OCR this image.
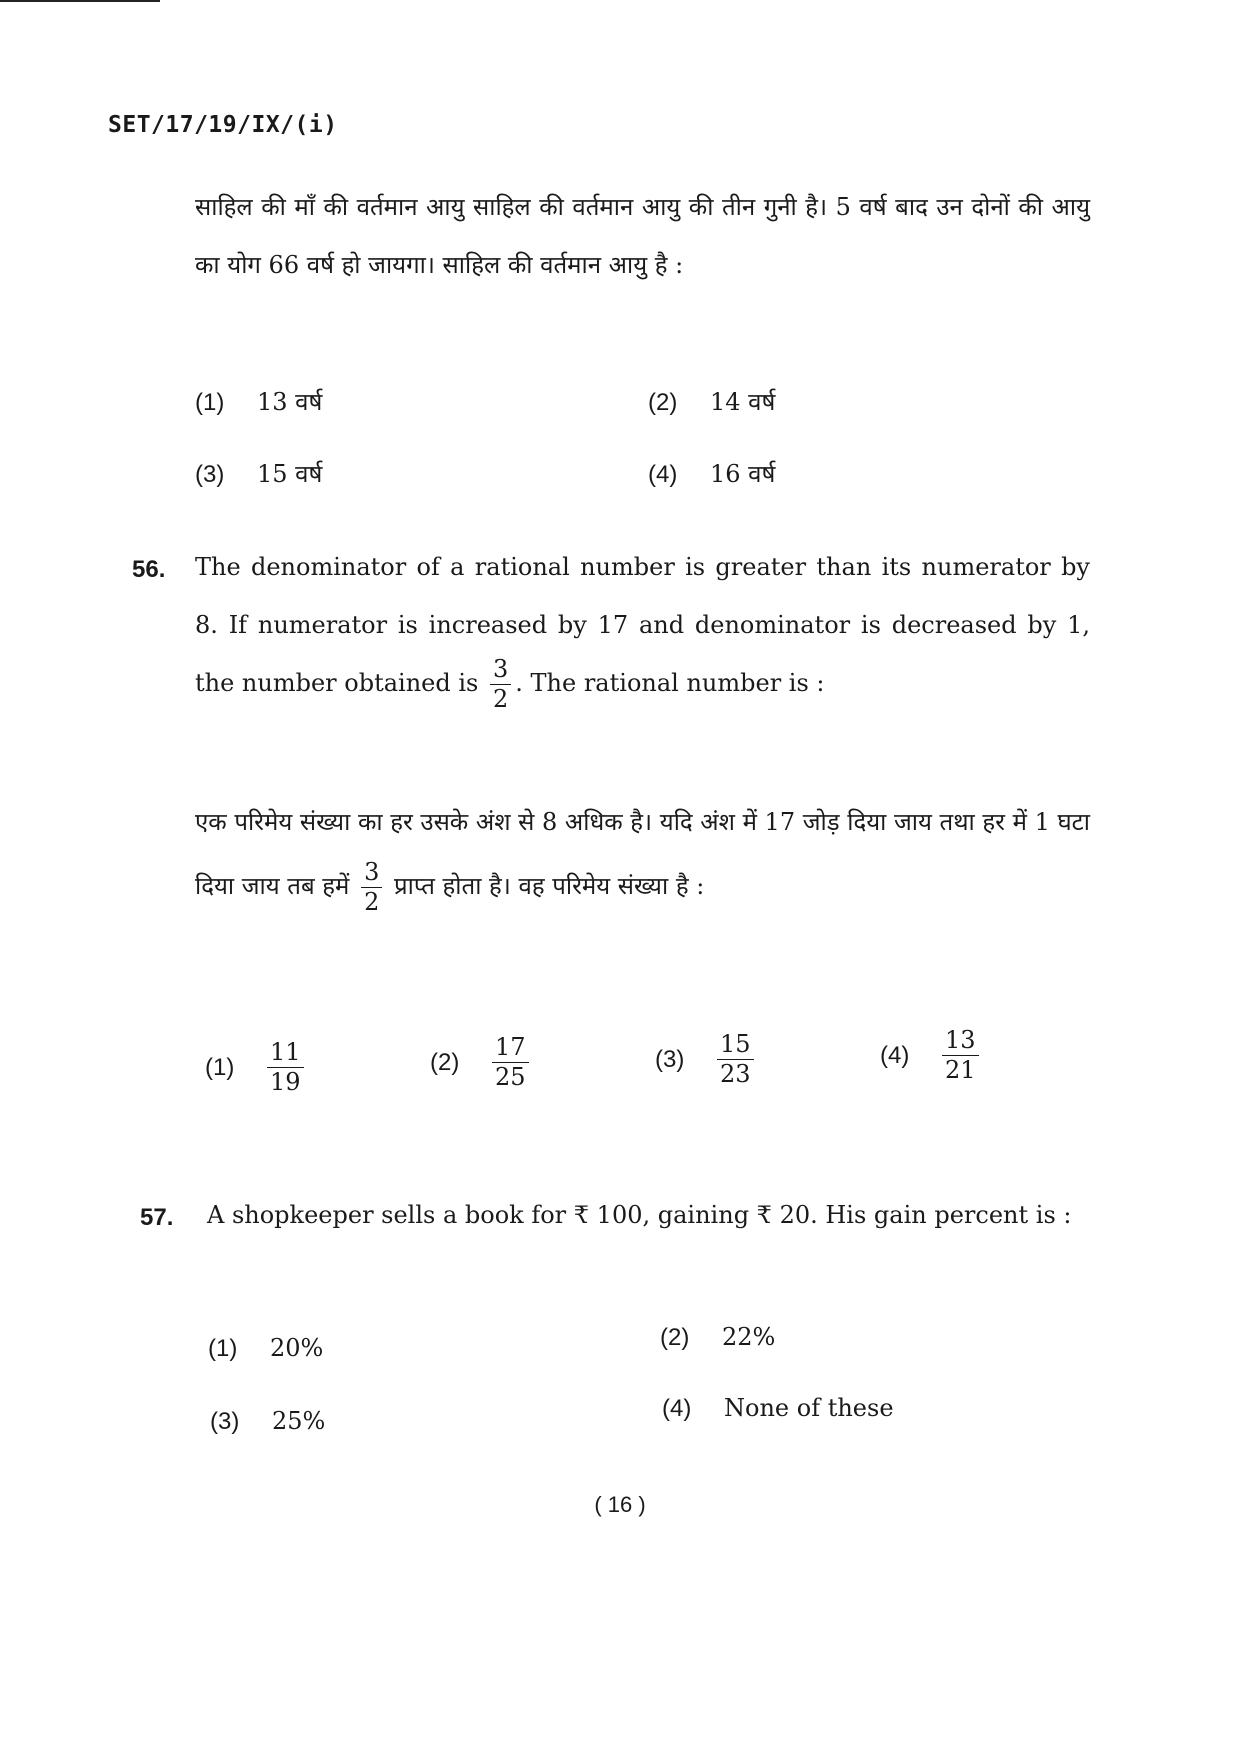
SET/17/19/IX/(i)
साहिल की माँ की वर्तमान आयु साहिल की वर्तमान आयु की तीन गुनी है। 5 वर्ष बाद उन दोनों की आयु का योग 66 वर्ष हो जायगा। साहिल की वर्तमान आयु है :
(1) 13 वर्ष	(2) 14 वर्ष
(3) 15 वर्ष	(4) 16 वर्ष
56. The denominator of a rational number is greater than its numerator by 8. If numerator is increased by 17 and denominator is decreased by 1, the number obtained is $\frac{3}{2}$ . The rational number is :
एक परिमेय संख्या का हर उसके अंश से 8 अधिक है। यदि अंश में 17 जोड़ दिया जाय तथा हर में 1 घटा दिया जाय तब हमें $\frac{3}{2}$ प्राप्त होता है। वह परिमेय संख्या है :
(1)	$\frac{11}{19}$	(2)	$\frac{17}{25}$	(3)	$\frac{15}{23}$	(4)	$\frac{13}{21}$
57. A shopkeeper sells a book for ₹ 100, gaining ₹ 20. His gain percent is :
(1) 20%	(2) 22%
(3) 25%	(4) None of these
( 16 )
